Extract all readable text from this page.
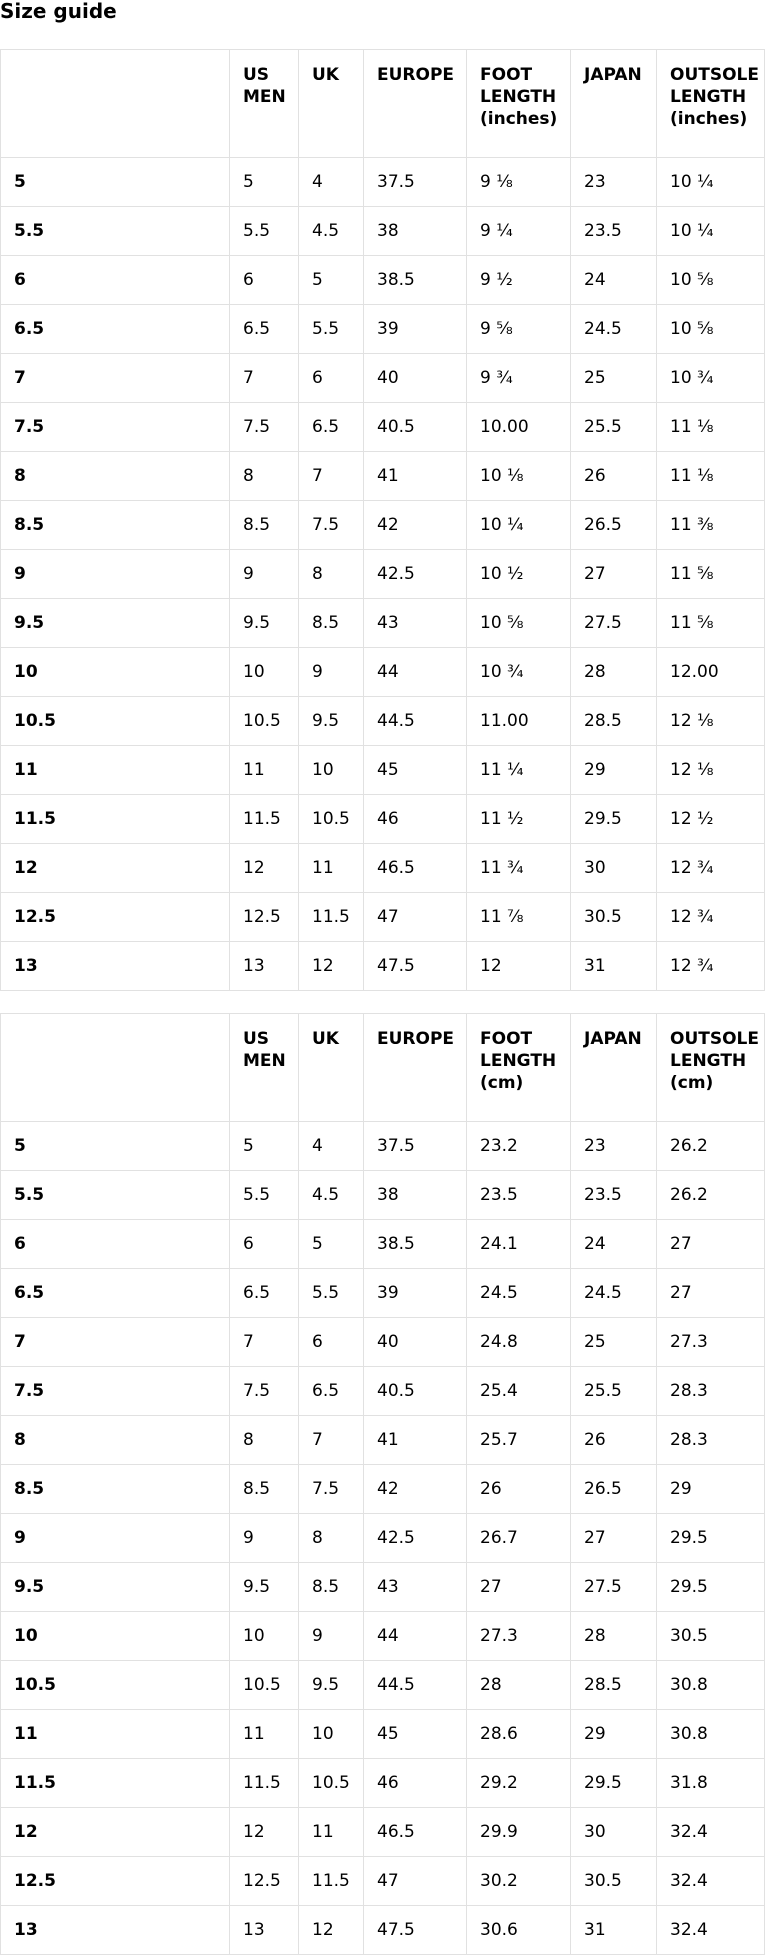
Size guide
	US MEN	UK	EUROPE	FOOT LENGTH (inches)	JAPAN	OUTSOLE LENGTH (inches)
5	5	4	37.5	9 ⅛	23	10 ¼
5.5	5.5	4.5	38	9 ¼	23.5	10 ¼
6	6	5	38.5	9 ½	24	10 ⅝
6.5	6.5	5.5	39	9 ⅝	24.5	10 ⅝
7	7	6	40	9 ¾	25	10 ¾
7.5	7.5	6.5	40.5	10.00	25.5	11 ⅛
8	8	7	41	10 ⅛	26	11 ⅛
8.5	8.5	7.5	42	10 ¼	26.5	11 ⅜
9	9	8	42.5	10 ½	27	11 ⅝
9.5	9.5	8.5	43	10 ⅝	27.5	11 ⅝
10	10	9	44	10 ¾	28	12.00
10.5	10.5	9.5	44.5	11.00	28.5	12 ⅛
11	11	10	45	11 ¼	29	12 ⅛
11.5	11.5	10.5	46	11 ½	29.5	12 ½
12	12	11	46.5	11 ¾	30	12 ¾
12.5	12.5	11.5	47	11 ⅞	30.5	12 ¾
13	13	12	47.5	12	31	12 ¾
	US MEN	UK	EUROPE	FOOT LENGTH (cm)	JAPAN	OUTSOLE LENGTH (cm)
5	5	4	37.5	23.2	23	26.2
5.5	5.5	4.5	38	23.5	23.5	26.2
6	6	5	38.5	24.1	24	27
6.5	6.5	5.5	39	24.5	24.5	27
7	7	6	40	24.8	25	27.3
7.5	7.5	6.5	40.5	25.4	25.5	28.3
8	8	7	41	25.7	26	28.3
8.5	8.5	7.5	42	26	26.5	29
9	9	8	42.5	26.7	27	29.5
9.5	9.5	8.5	43	27	27.5	29.5
10	10	9	44	27.3	28	30.5
10.5	10.5	9.5	44.5	28	28.5	30.8
11	11	10	45	28.6	29	30.8
11.5	11.5	10.5	46	29.2	29.5	31.8
12	12	11	46.5	29.9	30	32.4
12.5	12.5	11.5	47	30.2	30.5	32.4
13	13	12	47.5	30.6	31	32.4
